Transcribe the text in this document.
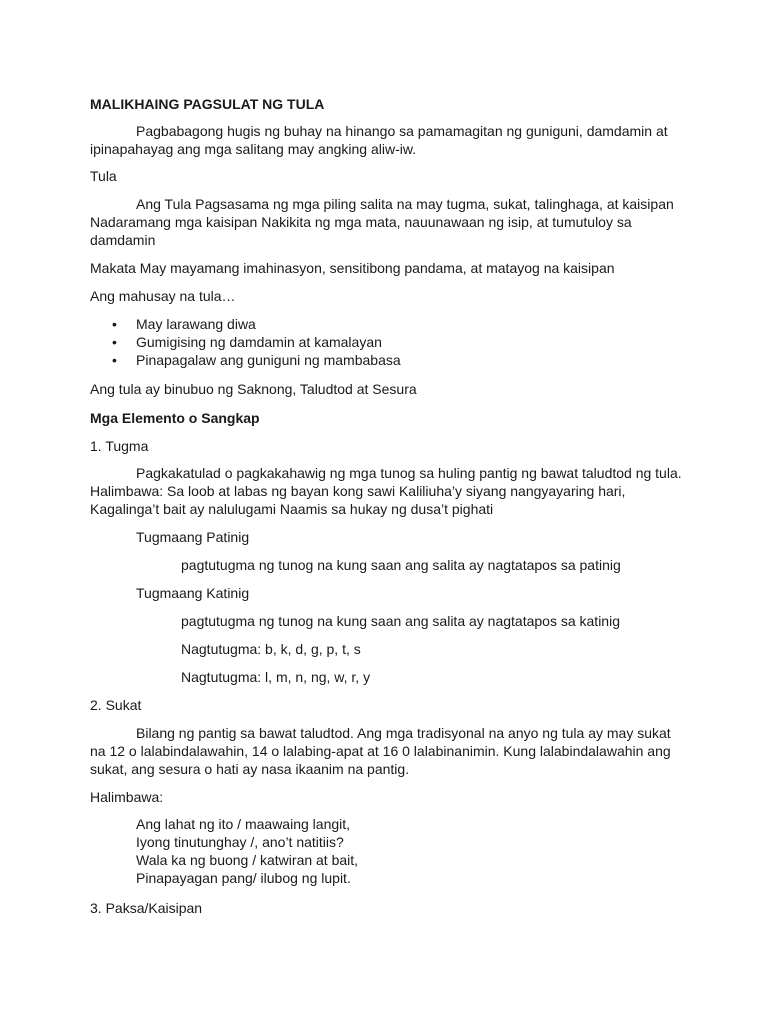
MALIKHAING PAGSULAT NG TULA
Pagbabagong hugis ng buhay na hinango sa pamamagitan ng guniguni, damdamin at ipinapahayag ang mga salitang may angking aliw-iw.
Tula
Ang Tula Pagsasama ng mga piling salita na may tugma, sukat, talinghaga, at kaisipan Nadaramang mga kaisipan Nakikita ng mga mata, nauunawaan ng isip, at tumutuloy sa damdamin
Makata May mayamang imahinasyon, sensitibong pandama, at matayog na kaisipan
Ang mahusay na tula…
• May larawang diwa
• Gumigising ng damdamin at kamalayan
• Pinapagalaw ang guniguni ng mambabasa
Ang tula ay binubuo ng Saknong, Taludtod at Sesura
Mga Elemento o Sangkap
1. Tugma
Pagkakatulad o pagkakahawig ng mga tunog sa huling pantig ng bawat taludtod ng tula. Halimbawa: Sa loob at labas ng bayan kong sawi Kaliliuha’y siyang nangyayaring hari, Kagalinga’t bait ay nalulugami Naamis sa hukay ng dusa’t pighati
Tugmaang Patinig
pagtutugma ng tunog na kung saan ang salita ay nagtatapos sa patinig
Tugmaang Katinig
pagtutugma ng tunog na kung saan ang salita ay nagtatapos sa katinig
Nagtutugma: b, k, d, g, p, t, s
Nagtutugma: l, m, n, ng, w, r, y
2. Sukat
Bilang ng pantig sa bawat taludtod. Ang mga tradisyonal na anyo ng tula ay may sukat na 12 o lalabindalawahin, 14 o lalabing-apat at 16 0 lalabinanimin. Kung lalabindalawahin ang sukat, ang sesura o hati ay nasa ikaanim na pantig.
Halimbawa:
Ang lahat ng ito / maawaing langit,
Iyong tinutunghay /, ano’t natitiis?
Wala ka ng buong / katwiran at bait,
Pinapayagan pang/ ilubog ng lupit.
3. Paksa/Kaisipan
